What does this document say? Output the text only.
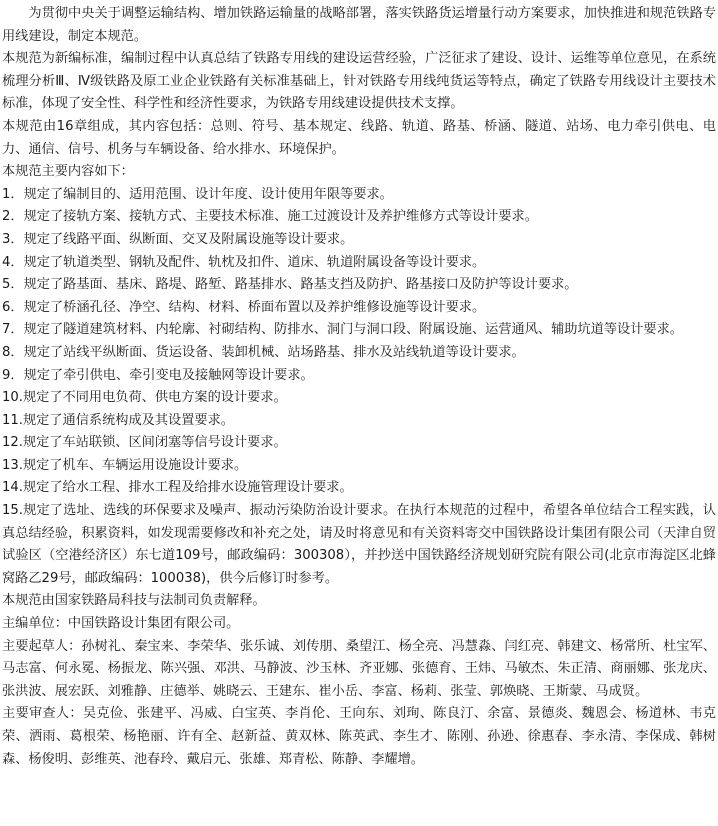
为贯彻中央关于调整运输结构、增加铁路运输量的战略部署，落实铁路货运增量行动方案要求，加快推进和规范铁路专用线建设，制定本规范。

本规范为新编标准，编制过程中认真总结了铁路专用线的建设运营经验，广泛征求了建设、设计、运维等单位意见，在系统梳理分析Ⅲ、Ⅳ级铁路及原工业企业铁路有关标准基础上，针对铁路专用线纯货运等特点，确定了铁路专用线设计主要技术标准，体现了安全性、科学性和经济性要求，为铁路专用线建设提供技术支撑。

本规范由16章组成，其内容包括：总则、符号、基本规定、线路、轨道、路基、桥涵、隧道、站场、电力牵引供电、电力、通信、信号、机务与车辆设备、给水排水、环境保护。

本规范主要内容如下：

1．规定了编制目的、适用范围、设计年度、设计使用年限等要求。

2．规定了接轨方案、接轨方式、主要技术标准、施工过渡设计及养护维修方式等设计要求。

3．规定了线路平面、纵断面、交叉及附属设施等设计要求。

4．规定了轨道类型、钢轨及配件、轨枕及扣件、道床、轨道附属设备等设计要求。

5．规定了路基面、基床、路堤、路堑、路基排水、路基支挡及防护、路基接口及防护等设计要求。

6．规定了桥涵孔径、净空、结构、材料、桥面布置以及养护维修设施等设计要求。

7．规定了隧道建筑材料、内轮廓、衬砌结构、防排水、洞门与洞口段、附属设施、运营通风、辅助坑道等设计要求。

8．规定了站线平纵断面、货运设备、装卸机械、站场路基、排水及站线轨道等设计要求。

9．规定了牵引供电、牵引变电及接触网等设计要求。

10.规定了不同用电负荷、供电方案的设计要求。

11.规定了通信系统构成及其设置要求。

12.规定了车站联锁、区间闭塞等信号设计要求。

13.规定了机车、车辆运用设施设计要求。

14.规定了给水工程、排水工程及给排水设施管理设计要求。

15.规定了选址、选线的环保要求及噪声、振动污染防治设计要求。在执行本规范的过程中，希望各单位结合工程实践，认真总结经验，积累资料，如发现需要修改和补充之处，请及时将意见和有关资料寄交中国铁路设计集团有限公司（天津自贸试验区（空港经济区）东七道109号，邮政编码：300308），并抄送中国铁路经济规划研究院有限公司(北京市海淀区北蜂窝路乙29号，邮政编码：100038)，供今后修订时参考。

本规范由国家铁路局科技与法制司负责解释。

主编单位：中国铁路设计集团有限公司。

主要起草人：孙树礼、秦宝来、李荣华、张乐诚、刘传朋、桑望江、杨全亮、冯慧淼、闫红亮、韩建文、杨常所、杜宝军、马志富、何永冕、杨振龙、陈兴强、邓洪、马静波、沙玉林、齐亚娜、张德育、王炜、马敏杰、朱正清、商丽娜、张龙庆、张洪波、展宏跃、刘雅静、庄德举、姚晓云、王建东、崔小岳、李富、杨莉、张莹、郭焕晓、王斯蒙、马成贤。

主要审查人：吴克俭、张建平、冯威、白宝英、李肖伦、王向东、刘珣、陈良汀、余富、景德炎、魏恩会、杨道林、韦克荣、洒雨、葛根荣、杨艳丽、许有全、赵新益、黄双林、陈英武、李生才、陈刚、孙逊、徐惠春、李永清、李保成、韩树森、杨俊明、彭维英、池春玲、戴启元、张雄、郑青松、陈静、李耀增。
